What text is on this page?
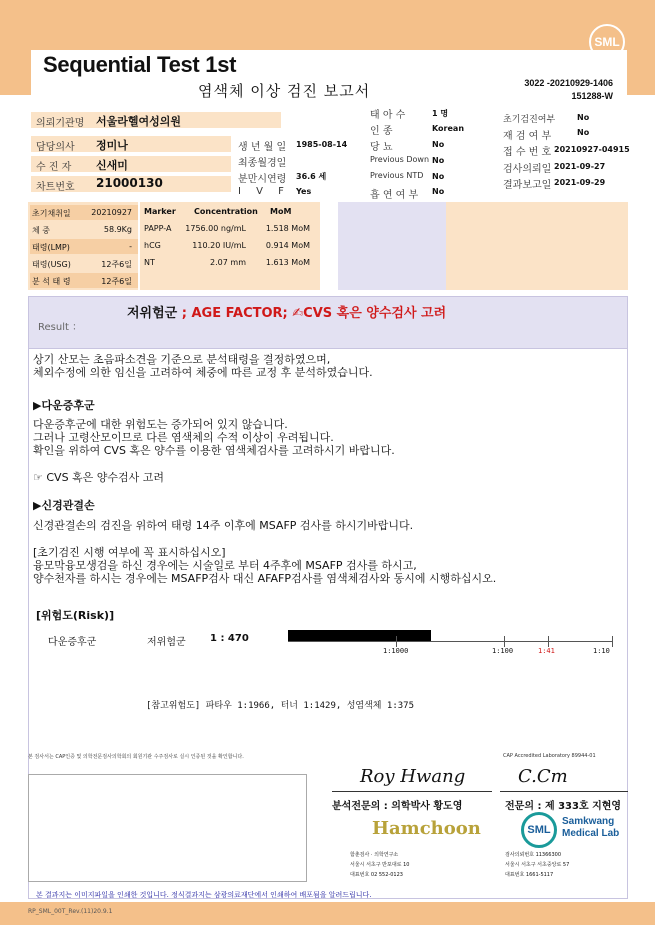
SML
Sequential Test 1st
염색체 이상 검진 보고서	3022 -20210929-1406
151288-W
의뢰기관명 서울라헬여성의원
담당의사 정미나
수 진 자 신새미
차트번호 21000130
생 년 월 일 1985-08-14
최종월경일
분만시연령 36.6 세
I V F Yes
태 아 수	1 명
인 종	Korean
당 뇨	No
Previous Down No
Previous NTD No
흡 연 여 부 No
초기검진여부	No
재 검 여 부	No
접 수 번 호 20210927-04915
검사의뢰일 2021-09-27
결과보고일 2021-09-29
초기채취일	20210927
체 중	58.9Kg
태령(LMP)	-
태령(USG)	12주6일
분 석 태 령	12주6일
Marker Concentration MoM
PAPP-A	1756.00 ng/mL	1.518 MoM
hCG	110.20 IU/mL	0.914 MoM
NT	2.07 mm	1.613 MoM
Result ：
저위험군 ; AGE FACTOR; ✍CVS 혹은 양수검사 고려
상기 산모는 초음파소견을 기준으로 분석태령을 결정하였으며,
체외수정에 의한 임신을 고려하여 체중에 따른 교정 후 분석하였습니다.
▶다운증후군
다운증후군에 대한 위험도는 증가되어 있지 않습니다.
그러나 고령산모이므로 다른 염색체의 수적 이상이 우려됩니다.
확인을 위하여 CVS 혹은 양수를 이용한 염색체검사를 고려하시기 바랍니다.
☞ CVS 혹은 양수검사 고려
▶신경관결손
신경관결손의 검진을 위하여 태령 14주 이후에 MSAFP 검사를 하시기바랍니다.
[초기검진 시행 여부에 꼭 표시하십시오]
융모막융모생검을 하신 경우에는 시술일로 부터 4주후에 MSAFP 검사를 하시고,
양수천자를 하시는 경우에는 MSAFP검사 대신 AFAFP검사를 염색체검사와 동시에 시행하십시오.
[위험도(Risk)]
다운증후군	저위험군 1 : 470
1:1000	1:100	1:41	1:10
[참고위험도] 파타우 1:1966, 터너 1:1429, 성염색체 1:375
본 검사서는 CAP인증 및 의학전문검사의학회의 회원기관 수주검사로 실시 인증된 것을 확인합니다.	CAP Accredited Laboratory 89944-01
Roy Hwang
분석전문의 : 의학박사 황도영
C.Cm
전문의 : 제 333호 지현영
Hamchoon	SML
Samkwang
Medical Lab
함춘검사 · 의학연구소
서울시 서초구 반포대로 10
대표번호 02 552-0123
검사의뢰번호 11366300
서울시 서초구 서초중앙로 57
대표번호 1661-5117
본 결과지는 이미지파일을 인쇄한 것입니다. 정식결과지는 삼광의료재단에서 인쇄하여 배포됨을 알려드립니다.
RP_SML_00T_Rev.(11)20.9.1
